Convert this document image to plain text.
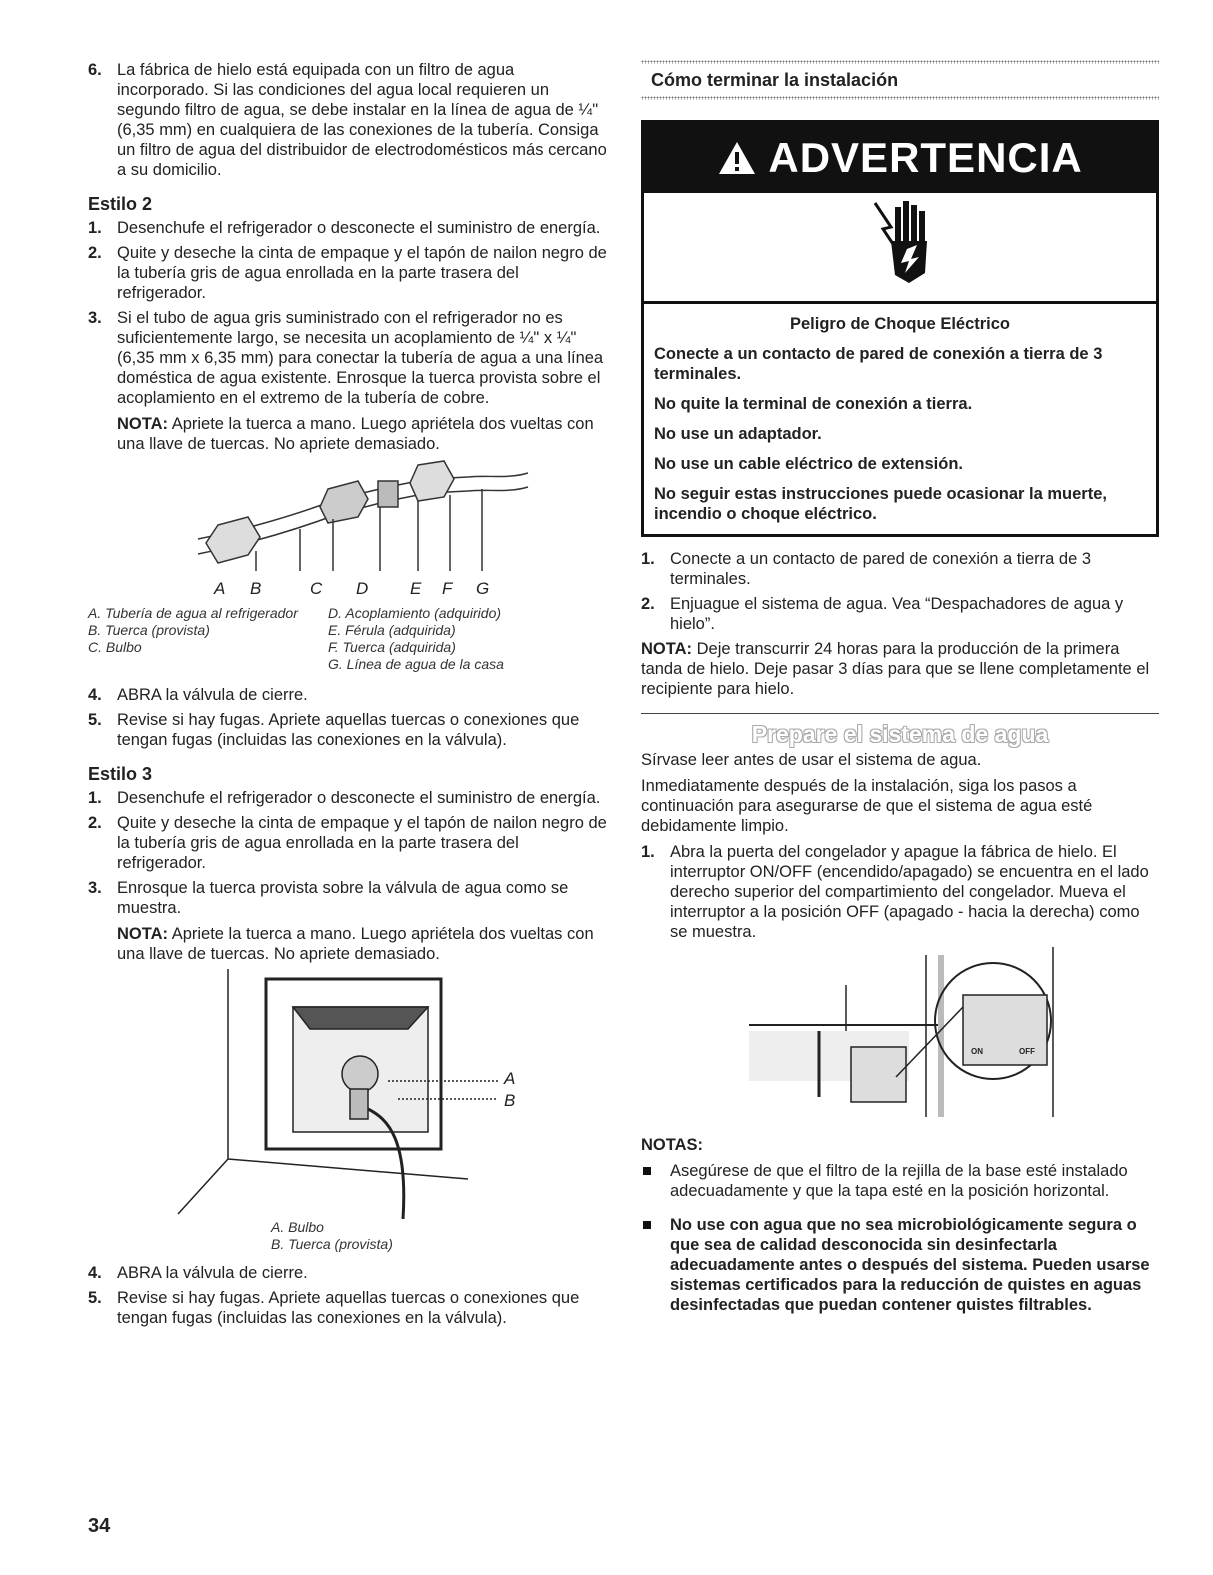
6. La fábrica de hielo está equipada con un filtro de agua incorporado. Si las condiciones del agua local requieren un segundo filtro de agua, se debe instalar en la línea de agua de ¼" (6,35 mm) en cualquiera de las conexiones de la tubería. Consiga un filtro de agua del distribuidor de electrodomésticos más cercano a su domicilio.
Estilo 2
1. Desenchufe el refrigerador o desconecte el suministro de energía.
2. Quite y deseche la cinta de empaque y el tapón de nailon negro de la tubería gris de agua enrollada en la parte trasera del refrigerador.
3. Si el tubo de agua gris suministrado con el refrigerador no es suficientemente largo, se necesita un acoplamiento de ¼" x ¼" (6,35 mm x 6,35 mm) para conectar la tubería de agua a una línea doméstica de agua existente. Enrosque la tuerca provista sobre el acoplamiento en el extremo de la tubería de cobre.
NOTA: Apriete la tuerca a mano. Luego apriétela dos vueltas con una llave de tuercas. No apriete demasiado.
A B	C D E F G
A. Tubería de agua al refrigerador
B. Tuerca (provista)
C. Bulbo
D. Acoplamiento (adquirido)
E. Férula (adquirida)
F. Tuerca (adquirida)
G. Línea de agua de la casa
4. ABRA la válvula de cierre.
5. Revise si hay fugas. Apriete aquellas tuercas o conexiones que tengan fugas (incluidas las conexiones en la válvula).
Estilo 3
1. Desenchufe el refrigerador o desconecte el suministro de energía.
2. Quite y deseche la cinta de empaque y el tapón de nailon negro de la tubería gris de agua enrollada en la parte trasera del refrigerador.
3. Enrosque la tuerca provista sobre la válvula de agua como se muestra.
NOTA: Apriete la tuerca a mano. Luego apriétela dos vueltas con una llave de tuercas. No apriete demasiado.
A
B
A. Bulbo
B. Tuerca (provista)
4. ABRA la válvula de cierre.
5. Revise si hay fugas. Apriete aquellas tuercas o conexiones que tengan fugas (incluidas las conexiones en la válvula).
Cómo terminar la instalación
ADVERTENCIA

Peligro de Choque Eléctrico

Conecte a un contacto de pared de conexión a tierra de 3 terminales.

No quite la terminal de conexión a tierra.

No use un adaptador.

No use un cable eléctrico de extensión.

No seguir estas instrucciones puede ocasionar la muerte, incendio o choque eléctrico.

1. Conecte a un contacto de pared de conexión a tierra de 3 terminales.
2. Enjuague el sistema de agua. Vea “Despachadores de agua y hielo”.

NOTA: Deje transcurrir 24 horas para la producción de la primera tanda de hielo. Deje pasar 3 días para que se llene completamente el recipiente para hielo.

Prepare el sistema de agua

Sírvase leer antes de usar el sistema de agua.

Inmediatamente después de la instalación, siga los pasos a continuación para asegurarse de que el sistema de agua esté debidamente limpio.

1. Abra la puerta del congelador y apague la fábrica de hielo. El interruptor ON/OFF (encendido/apagado) se encuentra en el lado derecho superior del compartimiento del congelador. Mueva el interruptor a la posición OFF (apagado - hacia la derecha) como se muestra.
ON	OFF
NOTAS:
Asegúrese de que el filtro de la rejilla de la base esté instalado adecuadamente y que la tapa esté en la posición horizontal.
No use con agua que no sea microbiológicamente segura o que sea de calidad desconocida sin desinfectarla adecuadamente antes o después del sistema. Pueden usarse sistemas certificados para la reducción de quistes en aguas desinfectadas que puedan contener quistes filtrables.
34
